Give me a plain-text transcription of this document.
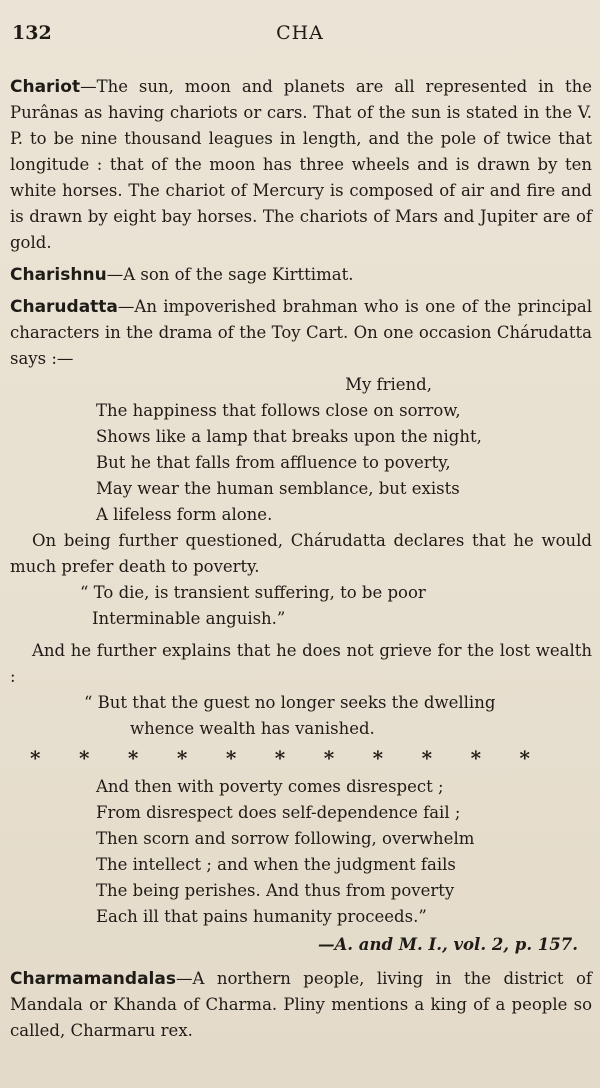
132	CHA

Chariot—The sun, moon and planets are all represented in the Purânas as having chariots or cars. That of the sun is stated in the V. P. to be nine thousand leagues in length, and the pole of twice that longitude : that of the moon has three wheels and is drawn by ten white horses. The chariot of Mercury is composed of air and fire and is drawn by eight bay horses. The chariots of Mars and Jupiter are of gold.

Charishnu—A son of the sage Kirttimat.

Charudatta—An impoverished brahman who is one of the principal characters in the drama of the Toy Cart. On one occasion Chárudatta says :—

My friend,

The happiness that follows close on sorrow,
Shows like a lamp that breaks upon the night,
But he that falls from affluence to poverty,
May wear the human semblance, but exists
A lifeless form alone.

On being further questioned, Chárudatta declares that he would much prefer death to poverty.

“ To die, is transient suffering, to be poor
Interminable anguish.”

And he further explains that he does not grieve for the lost wealth :

“ But that the guest no longer seeks the dwelling
whence wealth has vanished.
* * * * * * * * * * *
And then with poverty comes disrespect ;
From disrespect does self-dependence fail ;
Then scorn and sorrow following, overwhelm
The intellect ; and when the judgment fails
The being perishes. And thus from poverty
Each ill that pains humanity proceeds.”

—A. and M. I., vol. 2, p. 157.

Charmamandalas—A northern people, living in the district of Mandala or Khanda of Charma. Pliny mentions a king of a people so called, Charmaru rex.
